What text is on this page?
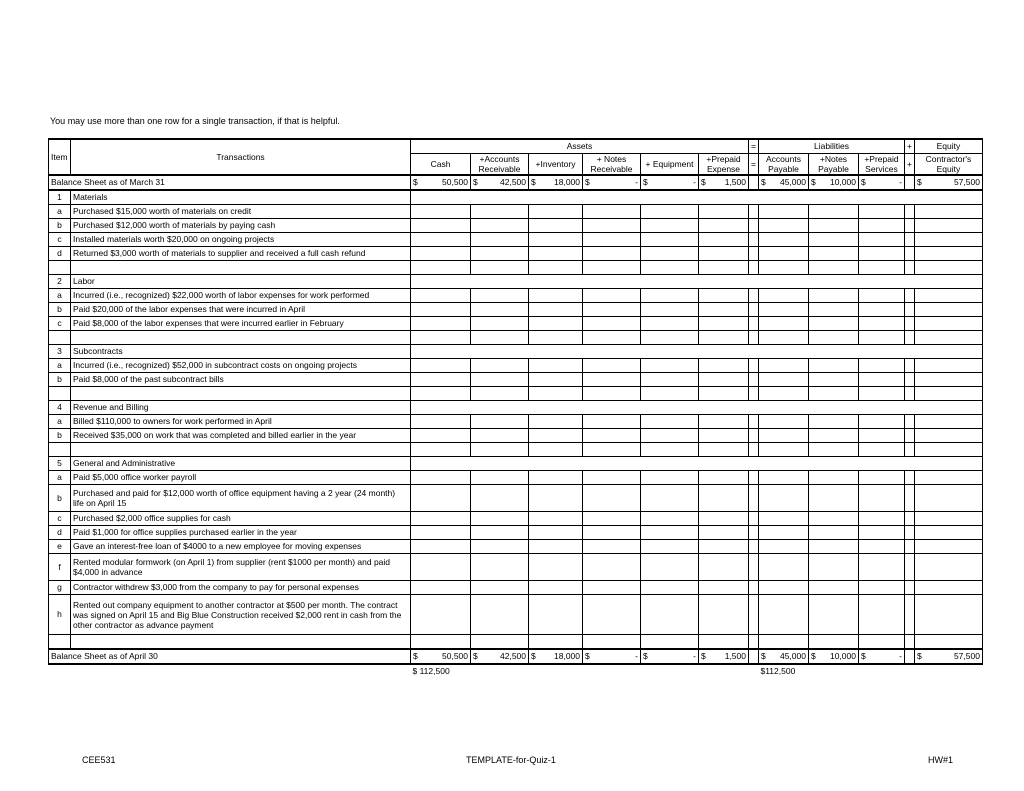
You may use more than one row for a single transaction, if that is helpful.
Item	Transactions	Assets						=	Liabilities			+	Equity
		Cash	+Accounts Receivable	+Inventory	+ Notes Receivable	+ Equipment	+Prepaid Expense	=	Accounts Payable	+Notes Payable	+Prepaid Services	+	Contractor's Equity

Balance Sheet as of March 31		$ 50,500	$ 42,500	$ 18,000	$ -	$ -	$ 1,500		$ 45,000	$ 10,000	$ -		$ 57,500

1	Materials												
a	Purchased $15,000 worth of materials on credit												
b	Purchased $12,000 worth of materials by paying cash												
c	Installed materials worth $20,000 on ongoing projects												
d	Returned $3,000 worth of materials to supplier and received a full cash refund												

2	Labor												
a	Incurred (i.e., recognized) $22,000 worth of labor expenses for work performed												
b	Paid $20,000 of the labor expenses that were incurred in April												
c	Paid $8,000 of the labor expenses that were incurred earlier in February												

3	Subcontracts												
a	Incurred (i.e., recognized) $52,000 in subcontract costs on ongoing projects												
b	Paid $8,000 of the past subcontract bills												

4	Revenue and Billing												
a	Billed $110,000 to owners for work performed in April												
b	Received $35,000 on work that was completed and billed earlier in the year												

5	General and Administrative												
a	Paid $5,000 office worker payroll												
b	Purchased and paid for $12,000 worth of office equipment having a 2 year (24 month) life on April 15												
c	Purchased $2,000 office supplies for cash												
d	Paid $1,000 for office supplies purchased earlier in the year												
e	Gave an interest-free loan of $4000 to a new employee for moving expenses												
f	Rented modular formwork (on April 1) from supplier (rent $1000 per month) and paid $4,000 in advance												
g	Contractor withdrew $3,000 from the company to pay for personal expenses												
h	Rented out company equipment to another contractor at $500 per month. The contract was signed on April 15 and Big Blue Construction received $2,000 rent in cash from the other contractor as advance payment												

Balance Sheet as of April 30		$ 50,500	$ 42,500	$ 18,000	$ -	$ -	$ 1,500		$ 45,000	$ 10,000	$ -		$ 57,500

		$ 112,500							$112,500				
CEE531	TEMPLATE-for-Quiz-1	HW#1
